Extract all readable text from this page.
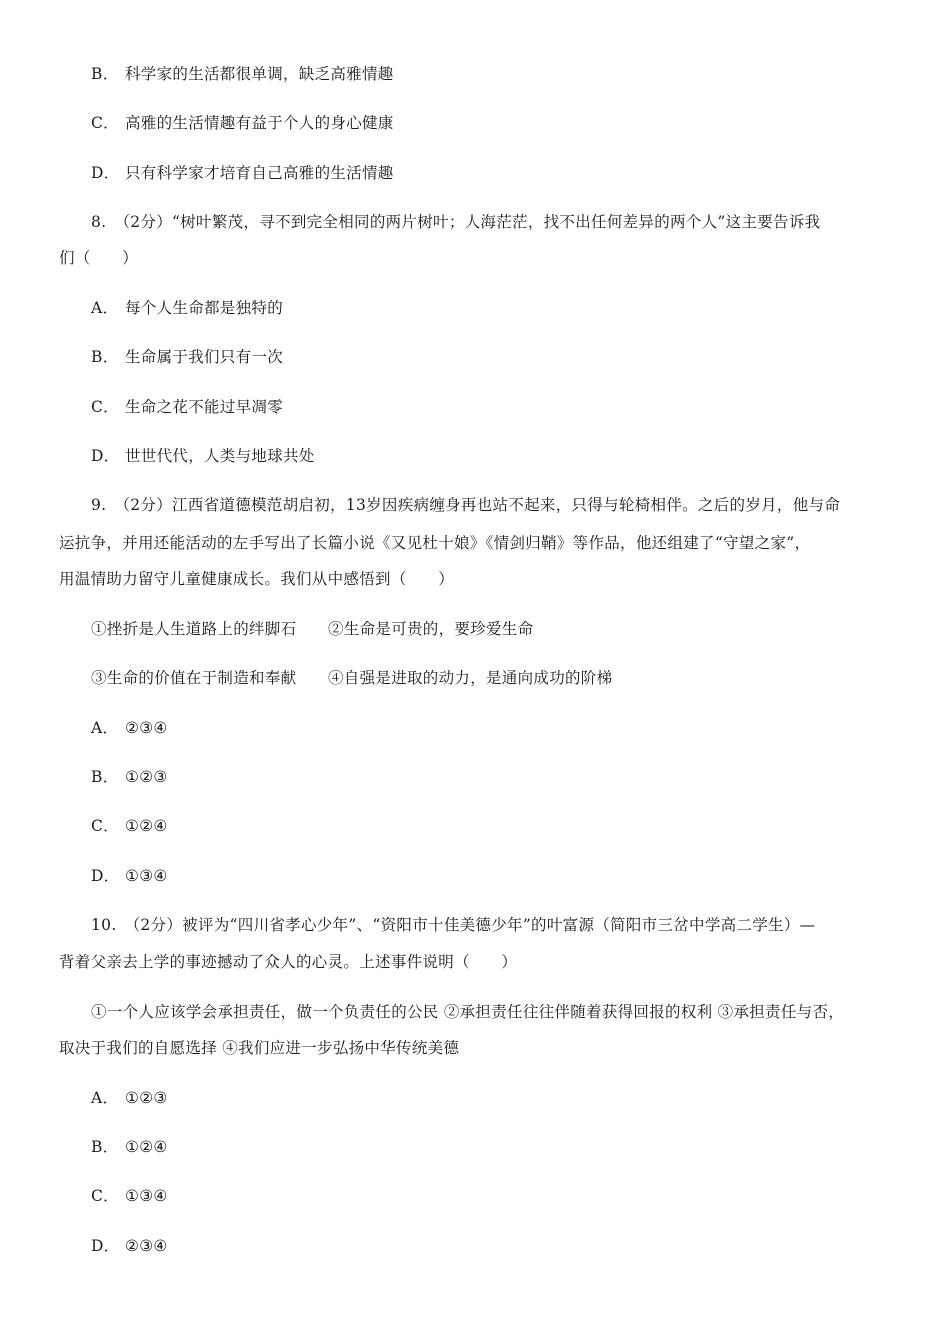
B． 科学家的生活都很单调，缺乏高雅情趣
C． 高雅的生活情趣有益于个人的身心健康
D． 只有科学家才培育自己高雅的生活情趣
8.　（2分）“树叶繁茂，寻不到完全相同的两片树叶；人海茫茫，找不出任何差异的两个人”这主要告诉我
们（　　）
A． 每个人生命都是独特的
B． 生命属于我们只有一次
C． 生命之花不能过早凋零
D． 世世代代，人类与地球共处
9.　（2分）江西省道德模范胡启初，13岁因疾病缠身再也站不起来，只得与轮椅相伴。之后的岁月，他与命
运抗争，并用还能活动的左手写出了长篇小说《又见杜十娘》《情剑归鞘》等作品，他还组建了“守望之家”，
用温情助力留守儿童健康成长。我们从中感悟到（　　）
①挫折是人生道路上的绊脚石　　②生命是可贵的，要珍爱生命
③生命的价值在于制造和奉献　　④自强是进取的动力，是通向成功的阶梯
A． ②③④
B． ①②③
C． ①②④
D． ①③④
10.　（2分）被评为“四川省孝心少年”、“资阳市十佳美德少年”的叶富源（简阳市三岔中学高二学生）—
背着父亲去上学的事迹撼动了众人的心灵。上述事件说明（　　）
①一个人应该学会承担责任，做一个负责任的公民 ②承担责任往往伴随着获得回报的权利 ③承担责任与否，
取决于我们的自愿选择 ④我们应进一步弘扬中华传统美德
A． ①②③
B． ①②④
C． ①③④
D． ②③④
